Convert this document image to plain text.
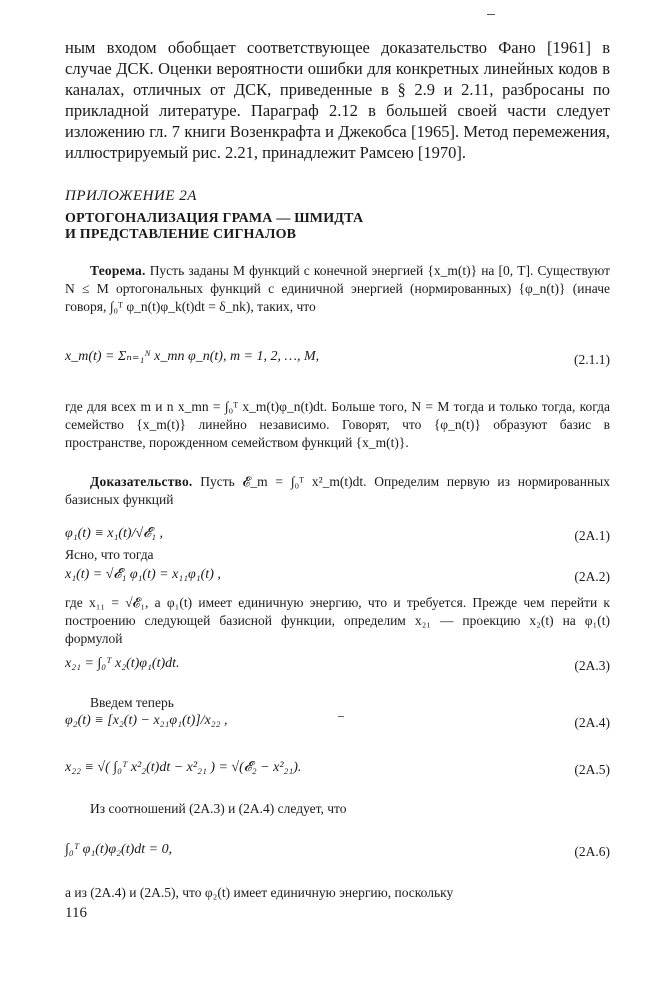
ным входом обобщает соответствующее доказательство Фано [1961] в случае ДСК. Оценки вероятности ошибки для конкретных линейных кодов в каналах, отличных от ДСК, приведенные в § 2.9 и 2.11, разбросаны по прикладной литературе. Параграф 2.12 в большей своей части следует изложению гл. 7 книги Возенкрафта и Джекобса [1965]. Метод перемежения, иллюстрируемый рис. 2.21, принадлежит Рамсею [1970].

ПРИЛОЖЕНИЕ 2А

ОРТОГОНАЛИЗАЦИЯ ГРАМА — ШМИДТА

И ПРЕДСТАВЛЕНИЕ СИГНАЛОВ

Теорема. Пусть заданы M функций с конечной энергией {x_m(t)} на [0, T]. Существуют N ≤ M ортогональных функций с единичной энергией (нормированных) {φ_n(t)} (иначе говоря, ∫₀ᵀ φ_n(t)φ_k(t)dt = δ_nk), таких, что

x_m(t) = Σₙ₌₁ᴺ x_mn φ_n(t), m = 1, 2, …, M,	(2.1.1)

где для всех m и n x_mn = ∫₀ᵀ x_m(t)φ_n(t)dt. Больше того, N = M тогда и только тогда, когда семейство {x_m(t)} линейно независимо. Говорят, что {φ_n(t)} образуют базис в пространстве, порожденном семейством функций {x_m(t)}.

Доказательство. Пусть 𝓔_m = ∫₀ᵀ x²_m(t)dt. Определим первую из нормированных базисных функций

φ₁(t) ≡ x₁(t)/√𝓔₁ ,	(2A.1)

Ясно, что тогда

x₁(t) = √𝓔₁ φ₁(t) = x₁₁φ₁(t) ,	(2A.2)

где x₁₁ = √𝓔₁, а φ₁(t) имеет единичную энергию, что и требуется. Прежде чем перейти к построению следующей базисной функции, определим x₂₁ — проекцию x₂(t) на φ₁(t) формулой

x₂₁ = ∫₀ᵀ x₂(t)φ₁(t)dt.	(2A.3)

Введем теперь

φ₂(t) ≡ [x₂(t) − x₂₁φ₁(t)]/x₂₂ ,	(2A.4)
x₂₂ ≡ √( ∫₀ᵀ x²₂(t)dt − x²₂₁ ) = √(𝓔₂ − x²₂₁).	(2A.5)

Из соотношений (2A.3) и (2A.4) следует, что

∫₀ᵀ φ₁(t)φ₂(t)dt = 0,	(2A.6)

а из (2A.4) и (2A.5), что φ₂(t) имеет единичную энергию, поскольку

116
